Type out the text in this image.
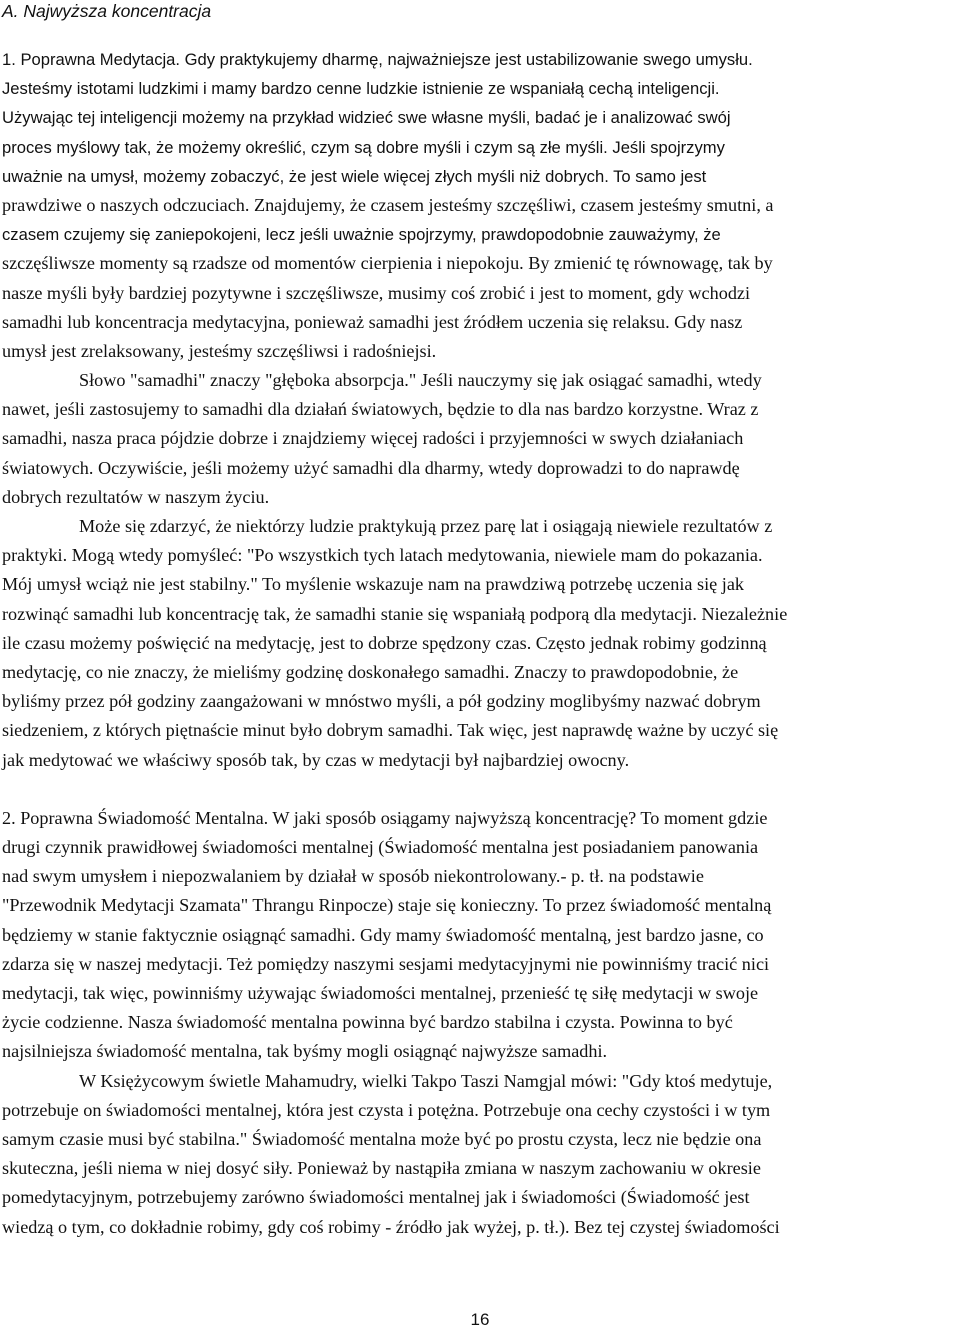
A. Najwyższa koncentracja
1. Poprawna Medytacja. Gdy praktykujemy dharmę, najważniejsze jest ustabilizowanie swego umysłu.
Jesteśmy istotami ludzkimi i mamy bardzo cenne ludzkie istnienie ze wspaniałą cechą inteligencji.
Używając tej inteligencji możemy na przykład widzieć swe własne myśli, badać je i analizować swój
proces myślowy tak, że możemy określić, czym są dobre myśli i czym są złe myśli. Jeśli spojrzymy
uważnie na umysł, możemy zobaczyć, że jest wiele więcej złych myśli niż dobrych. To samo jest
prawdziwe o naszych odczuciach. Znajdujemy, że czasem jesteśmy szczęśliwi, czasem jesteśmy smutni, a
czasem czujemy się zaniepokojeni, lecz jeśli uważnie spojrzymy, prawdopodobnie zauważymy, że
szczęśliwsze momenty są rzadsze od momentów cierpienia i niepokoju. By zmienić tę równowagę, tak by
nasze myśli były bardziej pozytywne i szczęśliwsze, musimy coś zrobić i jest to moment, gdy wchodzi
samadhi lub koncentracja medytacyjna, ponieważ samadhi jest źródłem uczenia się relaksu. Gdy nasz
umysł jest zrelaksowany, jesteśmy szczęśliwsi i radośniejsi.
Słowo "samadhi" znaczy "głęboka absorpcja." Jeśli nauczymy się jak osiągać samadhi, wtedy
nawet, jeśli zastosujemy to samadhi dla działań światowych, będzie to dla nas bardzo korzystne. Wraz z
samadhi, nasza praca pójdzie dobrze i znajdziemy więcej radości i przyjemności w swych działaniach
światowych. Oczywiście, jeśli możemy użyć samadhi dla dharmy, wtedy doprowadzi to do naprawdę
dobrych rezultatów w naszym życiu.
Może się zdarzyć, że niektórzy ludzie praktykują przez parę lat i osiągają niewiele rezultatów z
praktyki. Mogą wtedy pomyśleć: "Po wszystkich tych latach medytowania, niewiele mam do pokazania.
Mój umysł wciąż nie jest stabilny." To myślenie wskazuje nam na prawdziwą potrzebę uczenia się jak
rozwinąć samadhi lub koncentrację tak, że samadhi stanie się wspaniałą podporą dla medytacji. Niezależnie
ile czasu możemy poświęcić na medytację, jest to dobrze spędzony czas. Często jednak robimy godzinną
medytację, co nie znaczy, że mieliśmy godzinę doskonałego samadhi. Znaczy to prawdopodobnie, że
byliśmy przez pół godziny zaangażowani w mnóstwo myśli, a pół godziny moglibyśmy nazwać dobrym
siedzeniem, z których piętnaście minut było dobrym samadhi. Tak więc, jest naprawdę ważne by uczyć się
jak medytować we właściwy sposób tak, by czas w medytacji był najbardziej owocny.
2. Poprawna Świadomość Mentalna. W jaki sposób osiągamy najwyższą koncentrację? To moment gdzie
drugi czynnik prawidłowej świadomości mentalnej (Świadomość mentalna jest posiadaniem panowania
nad swym umysłem i niepozwalaniem by działał w sposób niekontrolowany.- p. tł. na podstawie
"Przewodnik Medytacji Szamata" Thrangu Rinpocze) staje się konieczny. To przez świadomość mentalną
będziemy w stanie faktycznie osiągnąć samadhi. Gdy mamy świadomość mentalną, jest bardzo jasne, co
zdarza się w naszej medytacji. Też pomiędzy naszymi sesjami medytacyjnymi nie powinniśmy tracić nici
medytacji, tak więc, powinniśmy używając świadomości mentalnej, przenieść tę siłę medytacji w swoje
życie codzienne. Nasza świadomość mentalna powinna być bardzo stabilna i czysta. Powinna to być
najsilniejsza świadomość mentalna, tak byśmy mogli osiągnąć najwyższe samadhi.
W Księżycowym świetle Mahamudry, wielki Takpo Taszi Namgjal mówi: "Gdy ktoś medytuje,
potrzebuje on świadomości mentalnej, która jest czysta i potężna. Potrzebuje ona cechy czystości i w tym
samym czasie musi być stabilna." Świadomość mentalna może być po prostu czysta, lecz nie będzie ona
skuteczna, jeśli niema w niej dosyć siły. Ponieważ by nastąpiła zmiana w naszym zachowaniu w okresie
pomedytacyjnym, potrzebujemy zarówno świadomości mentalnej jak i świadomości (Świadomość jest
wiedzą o tym, co dokładnie robimy, gdy coś robimy - źródło jak wyżej, p. tł.). Bez tej czystej świadomości
16
